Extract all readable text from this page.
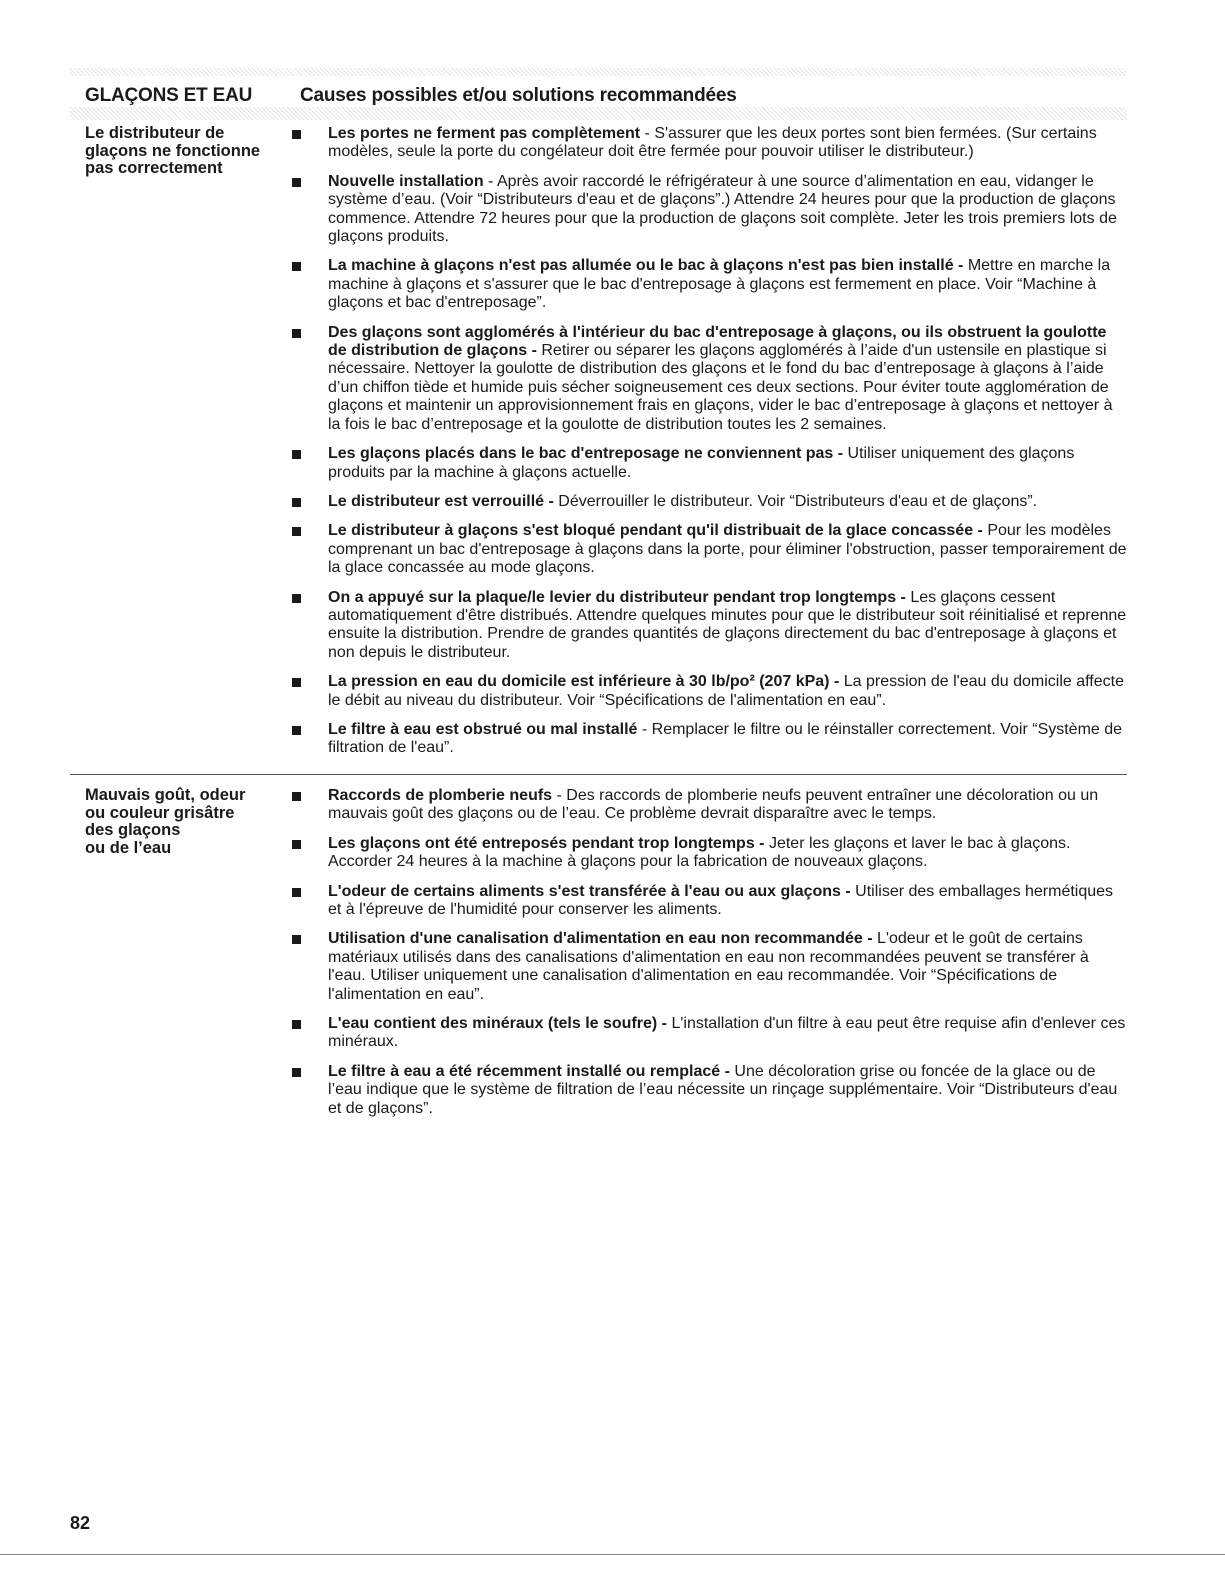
GLAÇONS ET EAU	Causes possibles et/ou solutions recommandées
Le distributeur de
glaçons ne fonctionne
pas correctement
Les portes ne ferment pas complètement - S'assurer que les deux portes sont bien fermées. (Sur certains modèles, seule la porte du congélateur doit être fermée pour pouvoir utiliser le distributeur.)
Nouvelle installation - Après avoir raccordé le réfrigérateur à une source d’alimentation en eau, vidanger le système d’eau. (Voir “Distributeurs d'eau et de glaçons”.) Attendre 24 heures pour que la production de glaçons commence. Attendre 72 heures pour que la production de glaçons soit complète. Jeter les trois premiers lots de glaçons produits.
La machine à glaçons n'est pas allumée ou le bac à glaçons n'est pas bien installé - Mettre en marche la machine à glaçons et s'assurer que le bac d'entreposage à glaçons est fermement en place. Voir “Machine à glaçons et bac d'entreposage”.
Des glaçons sont agglomérés à l'intérieur du bac d'entreposage à glaçons, ou ils obstruent la goulotte de distribution de glaçons - Retirer ou séparer les glaçons agglomérés à l’aide d'un ustensile en plastique si nécessaire. Nettoyer la goulotte de distribution des glaçons et le fond du bac d’entreposage à glaçons à l’aide d’un chiffon tiède et humide puis sécher soigneusement ces deux sections. Pour éviter toute agglomération de glaçons et maintenir un approvisionnement frais en glaçons, vider le bac d’entreposage à glaçons et nettoyer à la fois le bac d’entreposage et la goulotte de distribution toutes les 2 semaines.
Les glaçons placés dans le bac d'entreposage ne conviennent pas - Utiliser uniquement des glaçons produits par la machine à glaçons actuelle.
Le distributeur est verrouillé - Déverrouiller le distributeur. Voir “Distributeurs d'eau et de glaçons”.
Le distributeur à glaçons s'est bloqué pendant qu'il distribuait de la glace concassée - Pour les modèles comprenant un bac d'entreposage à glaçons dans la porte, pour éliminer l'obstruction, passer temporairement de la glace concassée au mode glaçons.
On a appuyé sur la plaque/le levier du distributeur pendant trop longtemps - Les glaçons cessent automatiquement d'être distribués. Attendre quelques minutes pour que le distributeur soit réinitialisé et reprenne ensuite la distribution. Prendre de grandes quantités de glaçons directement du bac d'entreposage à glaçons et non depuis le distributeur.
La pression en eau du domicile est inférieure à 30 lb/po² (207 kPa) - La pression de l'eau du domicile affecte le débit au niveau du distributeur. Voir “Spécifications de l'alimentation en eau”.
Le filtre à eau est obstrué ou mal installé - Remplacer le filtre ou le réinstaller correctement. Voir “Système de filtration de l'eau”.
Mauvais goût, odeur
ou couleur grisâtre
des glaçons
ou de l’eau
Raccords de plomberie neufs - Des raccords de plomberie neufs peuvent entraîner une décoloration ou un mauvais goût des glaçons ou de l’eau. Ce problème devrait disparaître avec le temps.
Les glaçons ont été entreposés pendant trop longtemps - Jeter les glaçons et laver le bac à glaçons. Accorder 24 heures à la machine à glaçons pour la fabrication de nouveaux glaçons.
L'odeur de certains aliments s'est transférée à l'eau ou aux glaçons - Utiliser des emballages hermétiques et à l'épreuve de l'humidité pour conserver les aliments.
Utilisation d'une canalisation d'alimentation en eau non recommandée - L'odeur et le goût de certains matériaux utilisés dans des canalisations d'alimentation en eau non recommandées peuvent se transférer à l'eau. Utiliser uniquement une canalisation d'alimentation en eau recommandée. Voir “Spécifications de l'alimentation en eau”.
L'eau contient des minéraux (tels le soufre) - L'installation d'un filtre à eau peut être requise afin d'enlever ces minéraux.
Le filtre à eau a été récemment installé ou remplacé - Une décoloration grise ou foncée de la glace ou de l’eau indique que le système de filtration de l’eau nécessite un rinçage supplémentaire. Voir “Distributeurs d'eau et de glaçons”.
82
